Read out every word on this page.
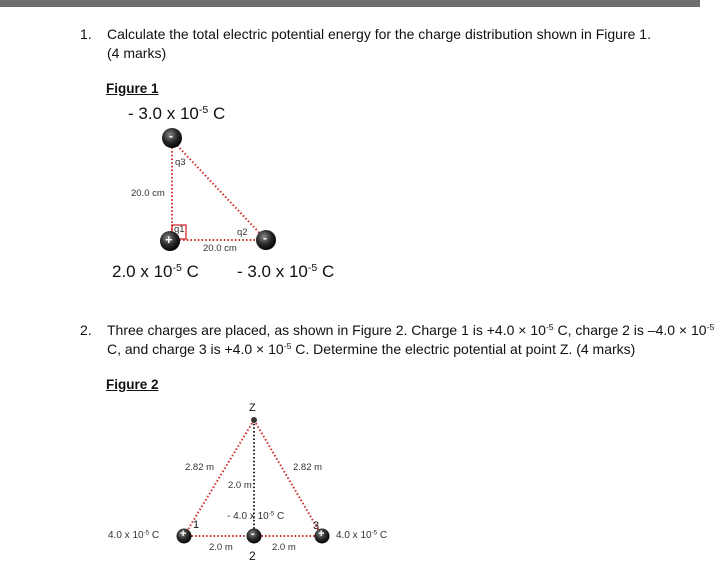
1. Calculate the total electric potential energy for the charge distribution shown in Figure 1.
(4 marks)
Figure 1
- 3.0 x $10^{-5}$ C
2.0 x $10^{-5}$ C - 3.0 x $10^{-5}$ C
-
+	-
q3
q1	q2
20.0 cm
20.0 cm
2. Three charges are placed, as shown in Figure 2. Charge 1 is $+4.0 \times 10^{-5}$ C, charge 2 is $-4.0 \times 10^{-5}$
C, and charge 3 is $+4.0 \times 10^{-5}$ C. Determine the electric potential at point Z. (4 marks)
Figure 2
+	-	+
Z
2.82 m	2.82 m
2.0 m
2.0 m	2.0 m
1
2
3
4.0 x $10^{-5}$ C
- 4.0 x $10^{-5}$ C
4.0 x $10^{-5}$ C
